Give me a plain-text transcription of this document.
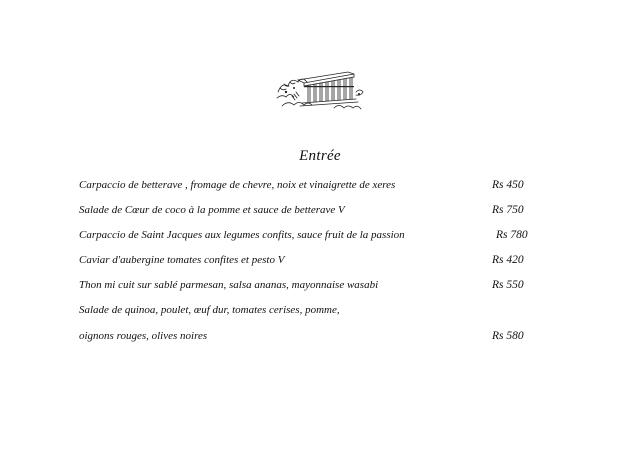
Entrée
Carpaccio de betterave , fromage de chevre, noix et vinaigrette de xeres	Rs 450
Salade de Cœur de coco à la pomme et sauce de betterave V	Rs 750
Carpaccio de Saint Jacques aux legumes confits, sauce fruit de la passion	Rs 780
Caviar d'aubergine tomates confites et pesto V	Rs 420
Thon mi cuit sur sablé parmesan, salsa ananas, mayonnaise wasabi	Rs 550
Salade de quinoa, poulet, œuf dur, tomates cerises, pomme,
oignons rouges, olives noires	Rs 580
